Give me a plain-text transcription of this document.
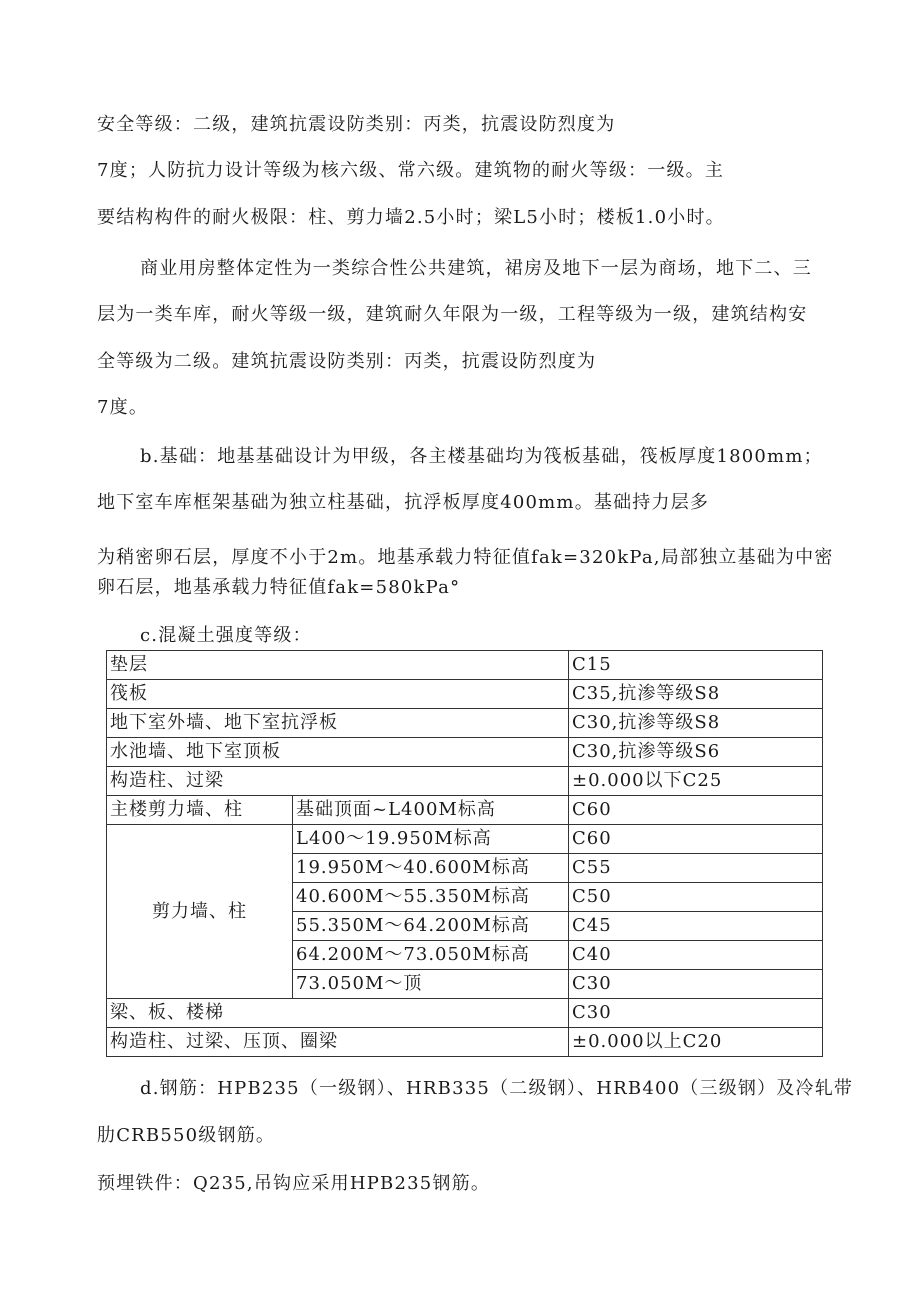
安全等级：二级，建筑抗震设防类别：丙类，抗震设防烈度为
7度；人防抗力设计等级为核六级、常六级。建筑物的耐火等级：一级。主
要结构构件的耐火极限：柱、剪力墙2.5小时；梁L5小时；楼板1.0小时。
商业用房整体定性为一类综合性公共建筑，裙房及地下一层为商场，地下二、三
层为一类车库，耐火等级一级，建筑耐久年限为一级，工程等级为一级，建筑结构安
全等级为二级。建筑抗震设防类别：丙类，抗震设防烈度为
7度。
b.基础：地基基础设计为甲级，各主楼基础均为筏板基础，筏板厚度1800mm；
地下室车库框架基础为独立柱基础，抗浮板厚度400mm。基础持力层多
为稍密卵石层，厚度不小于2m。地基承载力特征值fak=320kPa,局部独立基础为中密
卵石层，地基承载力特征值fak=580kPa°
c.混凝土强度等级：
垫层		C15
筏板		C35,抗渗等级S8
地下室外墙、地下室抗浮板		C30,抗渗等级S8
水池墙、地下室顶板		C30,抗渗等级S6
构造柱、过梁		±0.000以下C25
主楼剪力墙、柱	基础顶面~L400M标高	C60
剪力墙、柱	L400～19.950M标高	C60
	19.950M～40.600M标高	C55
	40.600M～55.350M标高	C50
	55.350M～64.200M标高	C45
	64.200M～73.050M标高	C40
	73.050M～顶	C30
梁、板、楼梯		C30
构造柱、过梁、压顶、圈梁		±0.000以上C20
d.钢筋：HPB235（一级钢）、HRB335（二级钢）、HRB400（三级钢）及冷轧带
肋CRB550级钢筋。
预埋铁件：Q235,吊钩应采用HPB235钢筋。
